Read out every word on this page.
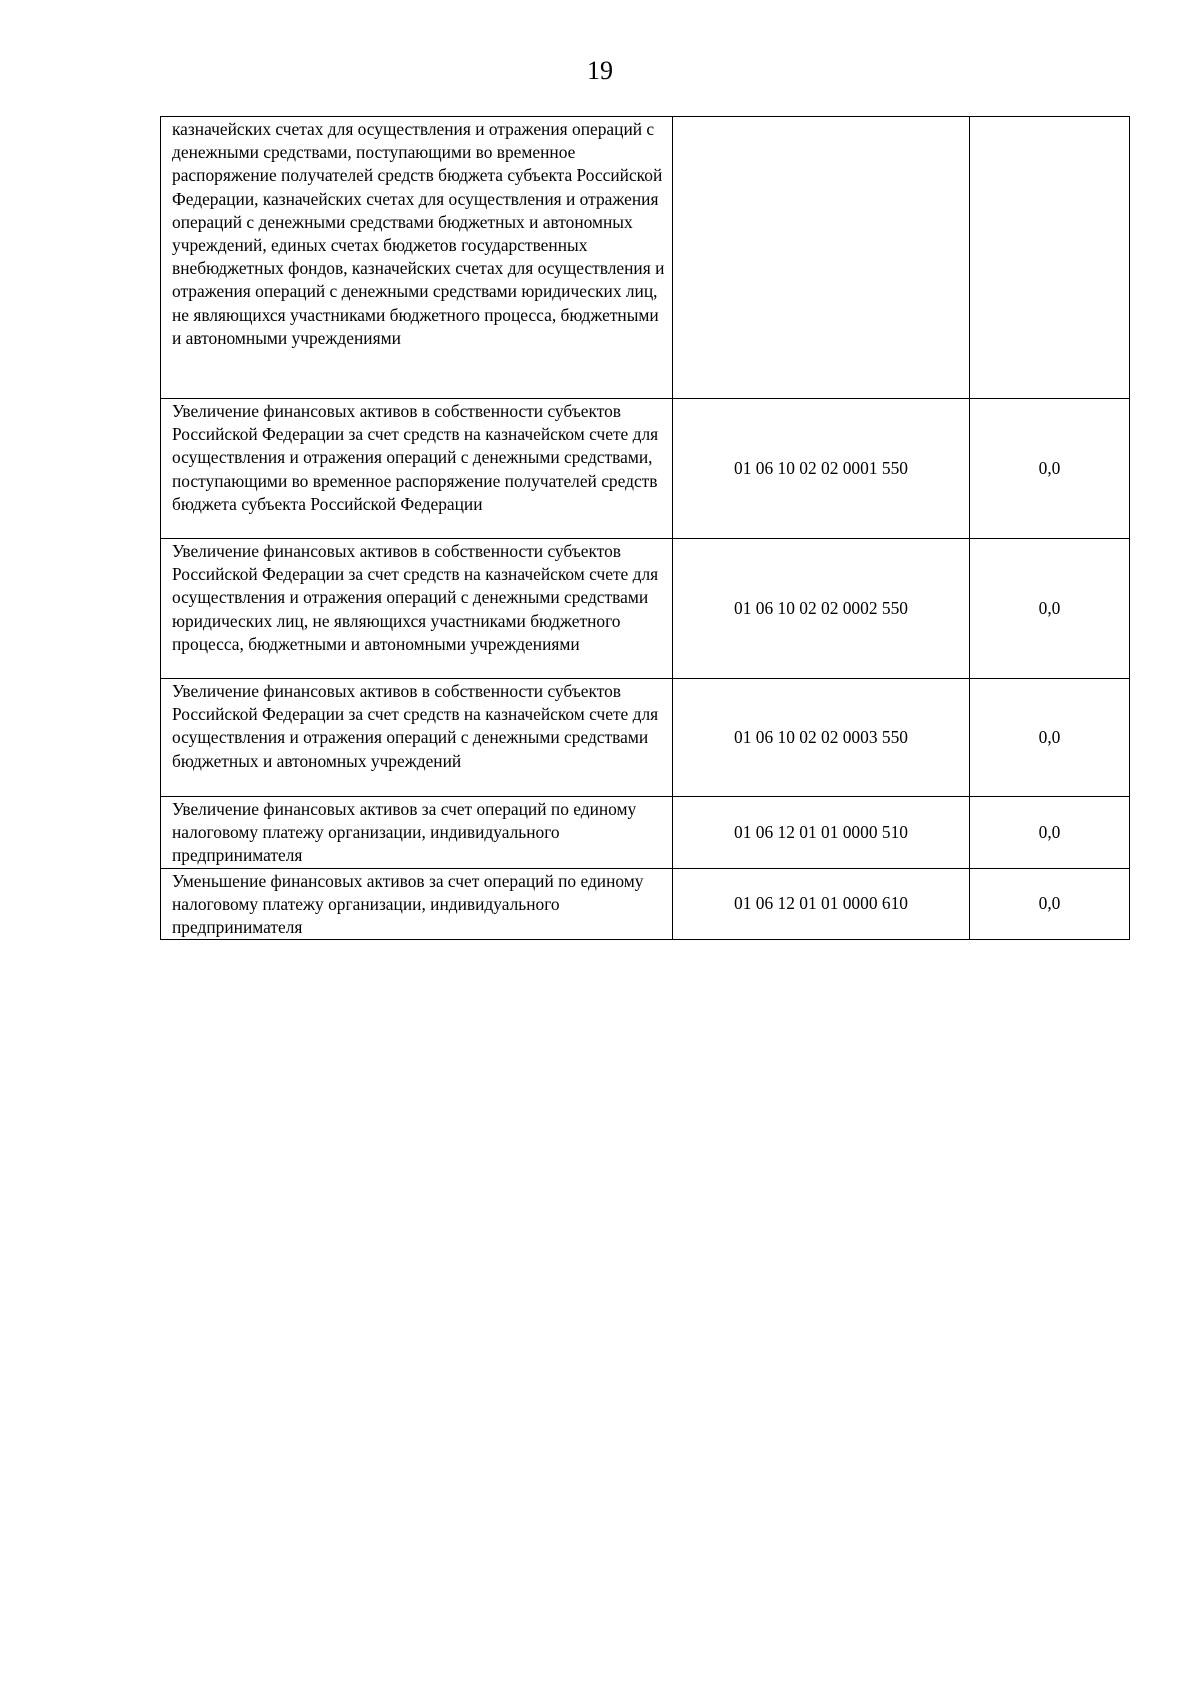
19
казначейских счетах для осуществления и отражения операций с денежными средствами, поступающими во временное распоряжение получателей средств бюджета субъекта Российской Федерации, казначейских счетах для осуществления и отражения операций с денежными средствами бюджетных и автономных учреждений, единых счетах бюджетов государственных внебюджетных фондов, казначейских счетах для осуществления и отражения операций с денежными средствами юридических лиц, не являющихся участниками бюджетного процесса, бюджетными и автономными учреждениями		
Увеличение финансовых активов в собственности субъектов Российской Федерации за счет средств на казначейском счете для осуществления и отражения операций с денежными средствами, поступающими во временное распоряжение получателей средств бюджета субъекта Российской Федерации	01 06 10 02 02 0001 550	0,0
Увеличение финансовых активов в собственности субъектов Российской Федерации за счет средств на казначейском счете для осуществления и отражения операций с денежными средствами юридических лиц, не являющихся участниками бюджетного процесса, бюджетными и автономными учреждениями	01 06 10 02 02 0002 550	0,0
Увеличение финансовых активов в собственности субъектов Российской Федерации за счет средств на казначейском счете для осуществления и отражения операций с денежными средствами бюджетных и автономных учреждений	01 06 10 02 02 0003 550	0,0
Увеличение финансовых активов за счет операций по единому налоговому платежу организации, индивидуального предпринимателя	01 06 12 01 01 0000 510	0,0
Уменьшение финансовых активов за счет операций по единому налоговому платежу организации, индивидуального предпринимателя	01 06 12 01 01 0000 610	0,0
